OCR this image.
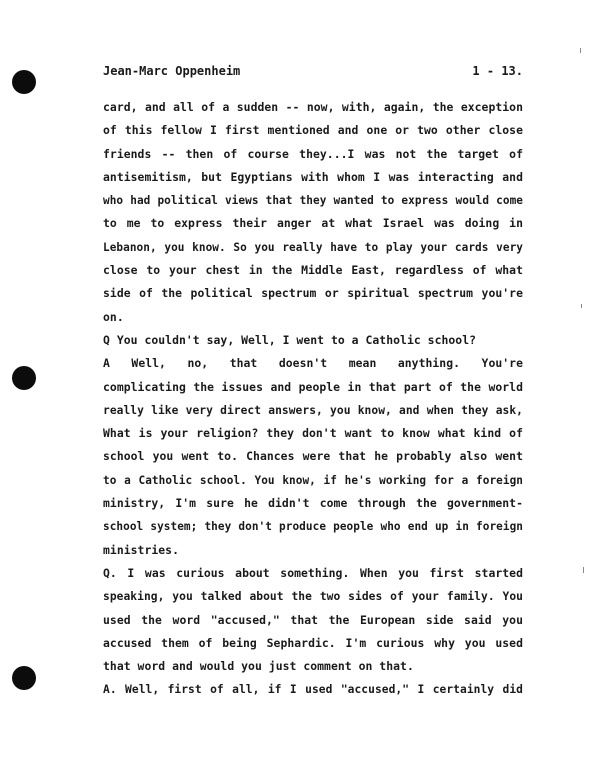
Jean-Marc Oppenheim	1 - 13.
card, and all of a sudden -- now, with, again, the exception
of this fellow I first mentioned and one or two other close
friends -- then of course they...I was not the target of
antisemitism, but Egyptians with whom I was interacting and
who had political views that they wanted to express would come
to me to express their anger at what Israel was doing in
Lebanon, you know. So you really have to play your cards very
close to your chest in the Middle East, regardless of what
side of the political spectrum or spiritual spectrum you're
on.
Q You couldn't say, Well, I went to a Catholic school?
A Well, no, that doesn't mean anything. You're
complicating the issues and people in that part of the world
really like very direct answers, you know, and when they ask,
What is your religion? they don't want to know what kind of
school you went to. Chances were that he probably also went
to a Catholic school. You know, if he's working for a foreign
ministry, I'm sure he didn't come through the government-
school system; they don't produce people who end up in foreign
ministries.
Q. I was curious about something. When you first started
speaking, you talked about the two sides of your family. You
used the word "accused," that the European side said you
accused them of being Sephardic. I'm curious why you used
that word and would you just comment on that.
A. Well, first of all, if I used "accused," I certainly did
